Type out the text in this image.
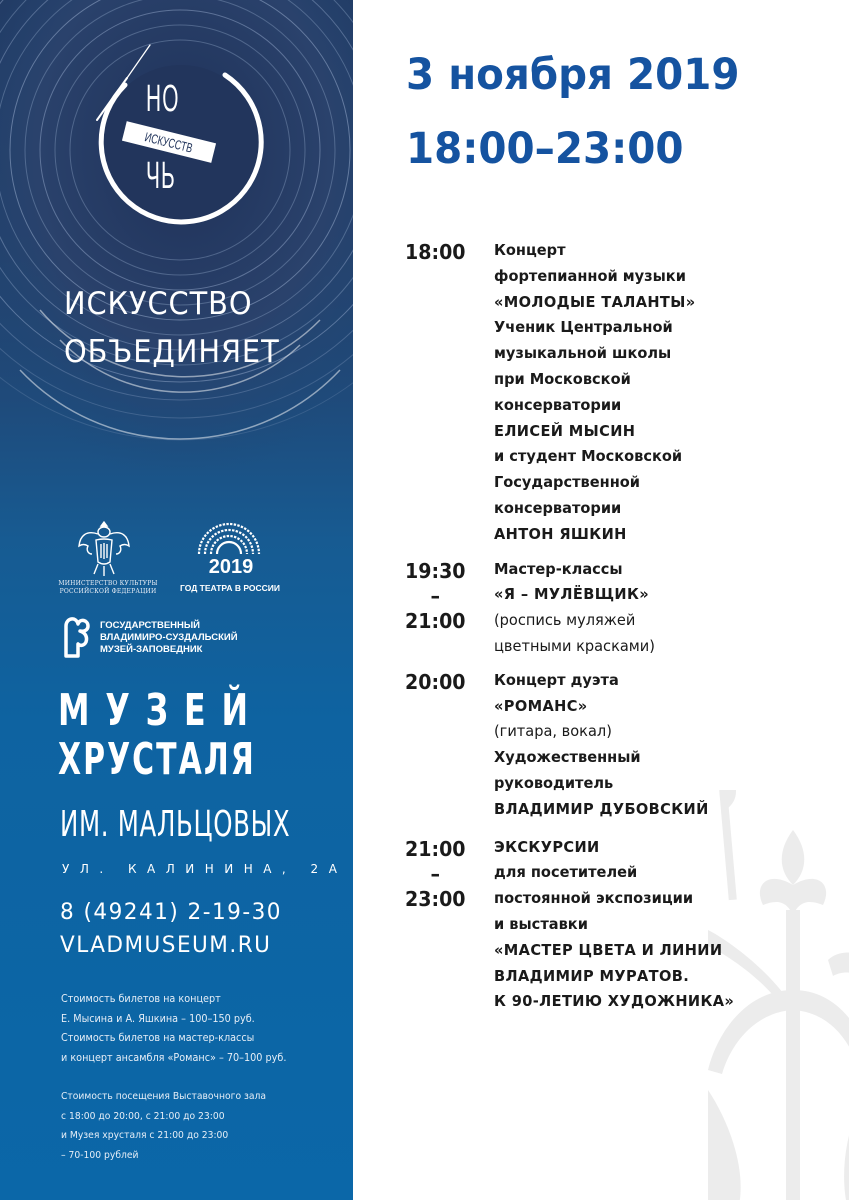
НО
ИСКУССТВ
ЧЬ
ИСКУССТВО
ОБЪЕДИНЯЕТ
МИНИСТЕРСТВО КУЛЬТУРЫ
РОССИЙСКОЙ ФЕДЕРАЦИИ
2019
ГОД ТЕАТРА В РОССИИ
ГОСУДАРСТВЕННЫЙ
ВЛАДИМИРО-СУЗДАЛЬСКИЙ
МУЗЕЙ-ЗАПОВЕДНИК
МУЗЕЙ
ХРУСТАЛЯ
ИМ. МАЛЬЦОВЫХ
УЛ. КАЛИНИНА, 2А
8 (49241) 2-19-30
VLADMUSEUM.RU
Стоимость билетов на концерт
Е. Мысина и А. Яшкина – 100–150 руб.
Стоимость билетов на мастер-классы
и концерт ансамбля «Романс» – 70–100 руб.
Стоимость посещения Выставочного зала
с 18:00 до 20:00, с 21:00 до 23:00
и Музея хрусталя с 21:00 до 23:00
– 70-100 рублей
3 ноября 2019
18:00–23:00
18:00 Концерт
фортепианной музыки
«МОЛОДЫЕ ТАЛАНТЫ»
Ученик Центральной
музыкальной школы
при Московской
консерватории
ЕЛИСЕЙ МЫСИН
и студент Московской
Государственной
консерватории
АНТОН ЯШКИН
19:30
–
21:00
Мастер-классы
«Я – МУЛЁВЩИК»
(роспись муляжей
цветными красками)
20:00 Концерт дуэта
«РОМАНС»
(гитара, вокал)
Художественный
руководитель
ВЛАДИМИР ДУБОВСКИЙ
21:00
–
23:00
ЭКСКУРСИИ
для посетителей
постоянной экспозиции
и выставки
«МАСТЕР ЦВЕТА И ЛИНИИ
ВЛАДИМИР МУРАТОВ.
К 90-ЛЕТИЮ ХУДОЖНИКА»
